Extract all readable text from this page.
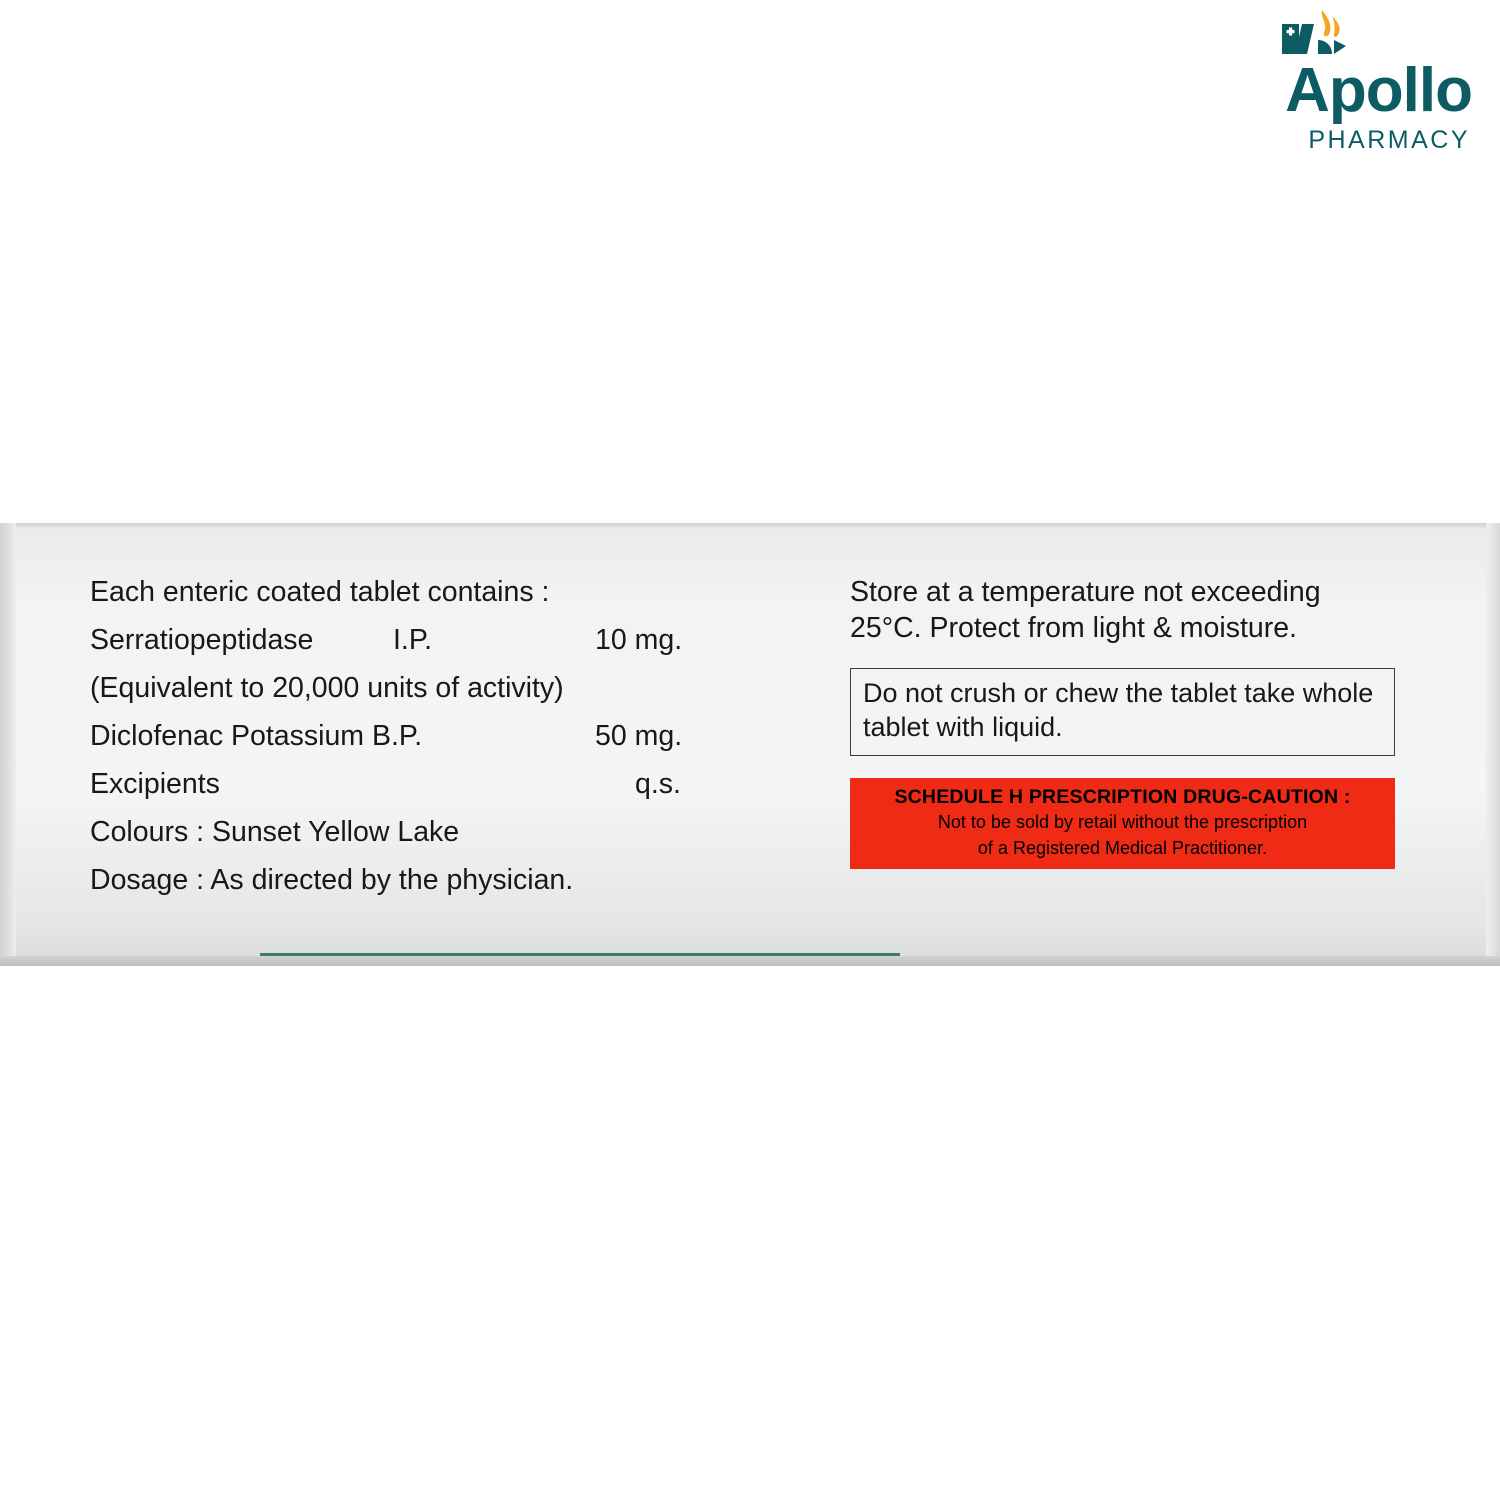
Apollo
PHARMACY
Each enteric coated tablet contains :
Serratiopeptidase	I.P.	10 mg.
(Equivalent to 20,000 units of activity)
Diclofenac Potassium B.P.	50 mg.
Excipients	q.s.
Colours : Sunset Yellow Lake
Dosage : As directed by the physician.

Store at a temperature not exceeding 25°C. Protect from light & moisture.

Do not crush or chew the tablet take whole tablet with liquid.
SCHEDULE H PRESCRIPTION DRUG-CAUTION :
Not to be sold by retail without the prescription
of a Registered Medical Practitioner.
